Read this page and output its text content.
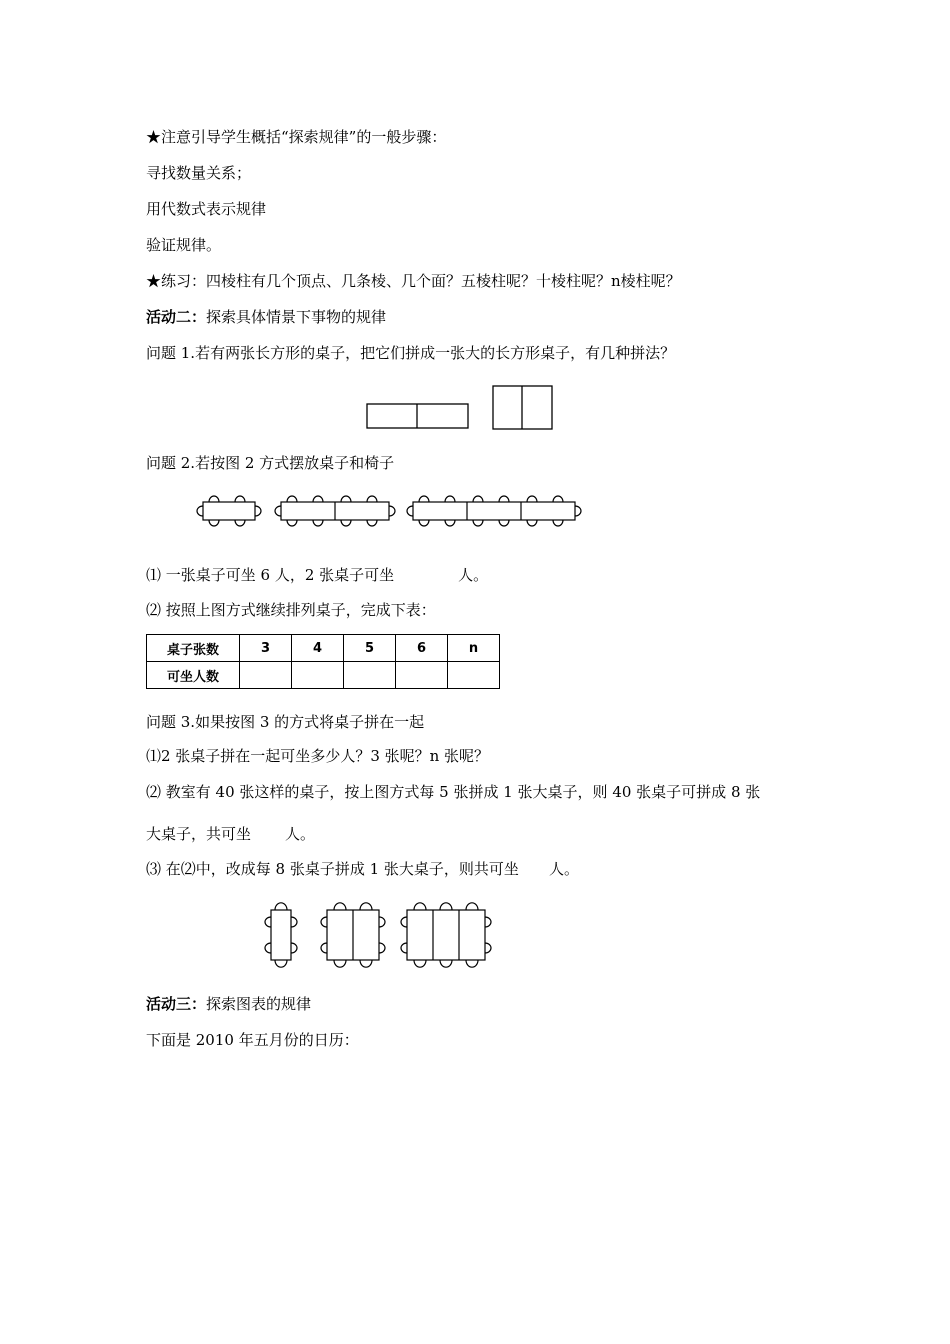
★注意引导学生概括“探索规律”的一般步骤：
寻找数量关系；
用代数式表示规律
验证规律。
★练习：四棱柱有几个顶点、几条棱、几个面？五棱柱呢？十棱柱呢？n棱柱呢？
活动二：探索具体情景下事物的规律
问题 1.若有两张长方形的桌子，把它们拼成一张大的长方形桌子，有几种拼法？
问题 2.若按图 2 方式摆放桌子和椅子
⑴ 一张桌子可坐 6 人，2 张桌子可坐	人。
⑵ 按照上图方式继续排列桌子，完成下表：
桌子张数	3	4	5	6	n
可坐人数					
问题 3.如果按图 3 的方式将桌子拼在一起
⑴2 张桌子拼在一起可坐多少人？3 张呢？n 张呢？
⑵ 教室有 40 张这样的桌子，按上图方式每 5 张拼成 1 张大桌子，则 40 张桌子可拼成 8 张
大桌子，共可坐 人。
⑶ 在⑵中，改成每 8 张桌子拼成 1 张大桌子，则共可坐 人。
活动三：探索图表的规律
下面是 2010 年五月份的日历：
